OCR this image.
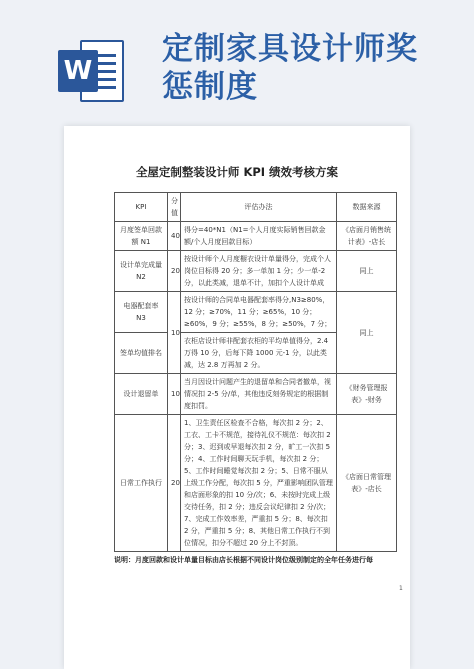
W
定制家具设计师奖
惩制度
全屋定制整装设计师 KPI 绩效考核方案
KPI	分值	评估办法	数据来源
月度签单回款额 N1	40	得分=40*N1（N1=个人月度实际销售回款金额/个人月度回款目标）	《店面月销售统计表》-店长
设计单完成量 N2	20	按设计师个人月度橱衣设计单量得分，完成个人岗位目标得 20 分；多一单加 1 分；少一单-2 分，以此类减，退单不计，加扣个人设计单成	同上
电器配套率 N3	10	按设计师的合同单电器配套率得分,N3≥80%，12 分；≥70%，11 分；≥65%，10 分；≥60%，9 分；≥55%，8 分；≥50%，7 分；	同上
签单均值排名		衣柜店设计师非配套衣柜的平均单值得分，2.4 万得 10 分，后每下降 1000 元-1 分，以此类减，达 2.8 万再加 2 分。	
设计退留单	10	当月因设计问题产生的退留单和合同者撤单，视情况扣 2-5 分/单，其他违反刻务规定的根据制度扣罚。	《财务管理报表》-财务
日常工作执行	20	1、卫生责任区检查不合格，每次扣 2 分；2、工衣、工卡不规范，接待礼仪不规范：每次扣 2 分；3、迟到或早退每次扣 2 分，旷工一次扣 5 分；4、工作时间聊天玩手机，每次扣 2 分；5、工作时间睡觉每次扣 2 分；5、日常不服从上级工作分配，每次扣 5 分，严重影响团队管理和店面形象的扣 10 分/次；6、未按时完成上级交待任务，扣 2 分；违反会议纪律扣 2 分/次；7、完成工作效率差，严重扣 5 分；8、每次扣 2 分，严重扣 5 分；8、其他日常工作执行不到位情况，扣分不超过 20 分上不封顶。	《店面日常管理表》-店长
说明：月度回款和设计单量目标由店长根据不同设计岗位级别制定的全年任务进行每
1
